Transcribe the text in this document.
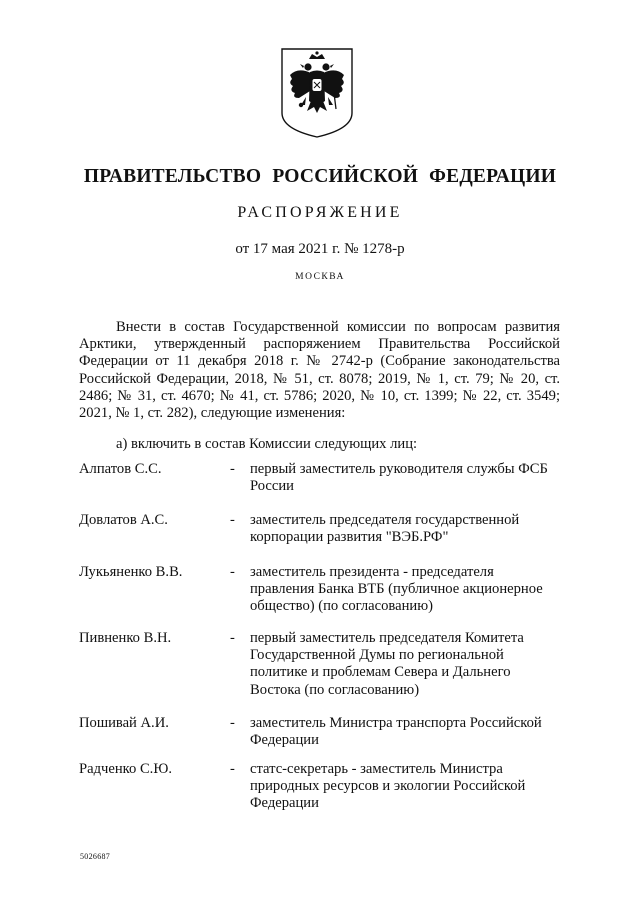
ПРАВИТЕЛЬСТВО РОССИЙСКОЙ ФЕДЕРАЦИИ
РАСПОРЯЖЕНИЕ
от 17 мая 2021 г. № 1278-р
МОСКВА

Внести в состав Государственной комиссии по вопросам развития Арктики, утвержденный распоряжением Правительства Российской Федерации от 11 декабря 2018 г. № 2742-р (Собрание законодательства Российской Федерации, 2018, № 51, ст. 8078; 2019, № 1, ст. 79; № 20, ст. 2486; № 31, ст. 4670; № 41, ст. 5786; 2020, № 10, ст. 1399; № 22, ст. 3549; 2021, № 1, ст. 282), следующие изменения:

а) включить в состав Комиссии следующих лиц:
Алпатов С.С.	-	первый заместитель руководителя службы ФСБ России
Довлатов А.С.	-	заместитель председателя государственной корпорации развития "ВЭБ.РФ"
Лукьяненко В.В.	-	заместитель президента - председателя правления Банка ВТБ (публичное акционерное общество) (по согласованию)
Пивненко В.Н.	-	первый заместитель председателя Комитета Государственной Думы по региональной политике и проблемам Севера и Дальнего Востока (по согласованию)
Пошивай А.И.	-	заместитель Министра транспорта Российской Федерации
Радченко С.Ю.	-	статс-секретарь - заместитель Министра природных ресурсов и экологии Российской Федерации
5026687
